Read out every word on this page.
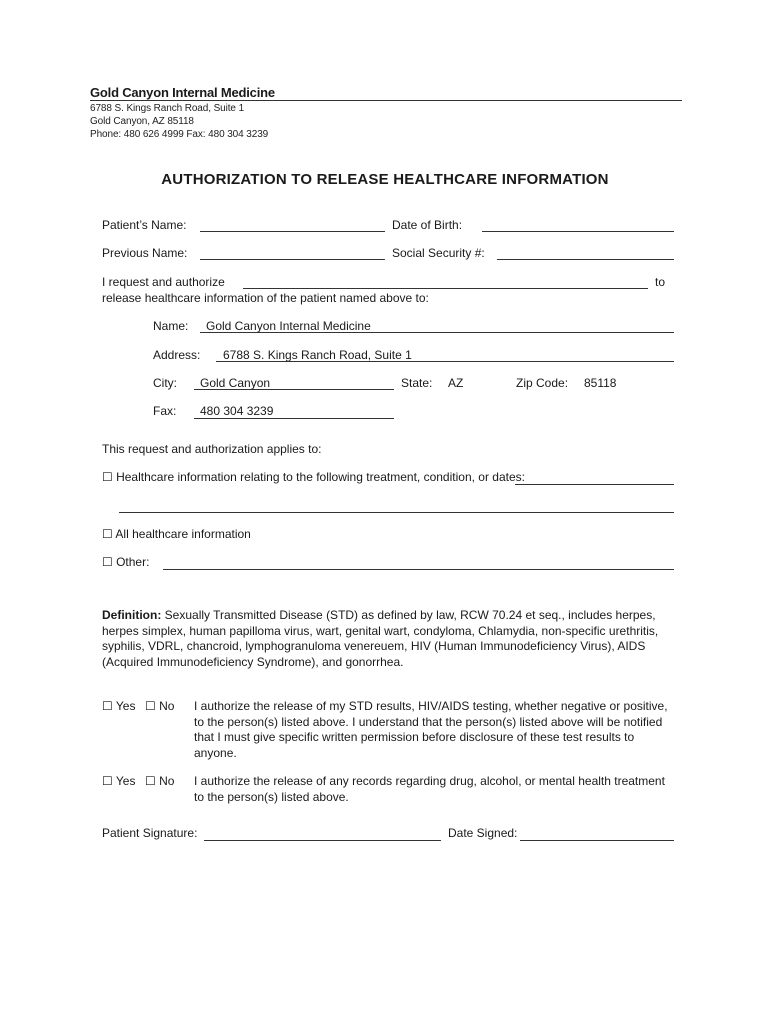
Gold Canyon Internal Medicine
6788 S. Kings Ranch Road, Suite 1
Gold Canyon, AZ 85118
Phone: 480 626 4999 Fax: 480 304 3239
AUTHORIZATION TO RELEASE HEALTHCARE INFORMATION
Patient’s Name:	Date of Birth:
Previous Name:	Social Security #:
I request and authorize	to
release healthcare information of the patient named above to:
Name: Gold Canyon Internal Medicine
Address: 6788 S. Kings Ranch Road, Suite 1
City: Gold Canyon	State: AZ	Zip Code: 85118
Fax: 480 304 3239
This request and authorization applies to:
☐ Healthcare information relating to the following treatment, condition, or dates:
☐ All healthcare information
☐ Other:
Definition: Sexually Transmitted Disease (STD) as defined by law, RCW 70.24 et seq., includes herpes, herpes simplex, human papilloma virus, wart, genital wart, condyloma, Chlamydia, non-specific urethritis, syphilis, VDRL, chancroid, lymphogranuloma venereuem, HIV (Human Immunodeficiency Virus), AIDS (Acquired Immunodeficiency Syndrome), and gonorrhea.
☐ Yes ☐ No I authorize the release of my STD results, HIV/AIDS testing, whether negative or positive, to the person(s) listed above. I understand that the person(s) listed above will be notified that I must give specific written permission before disclosure of these test results to anyone.
☐ Yes ☐ No I authorize the release of any records regarding drug, alcohol, or mental health treatment to the person(s) listed above.
Patient Signature:	Date Signed:
